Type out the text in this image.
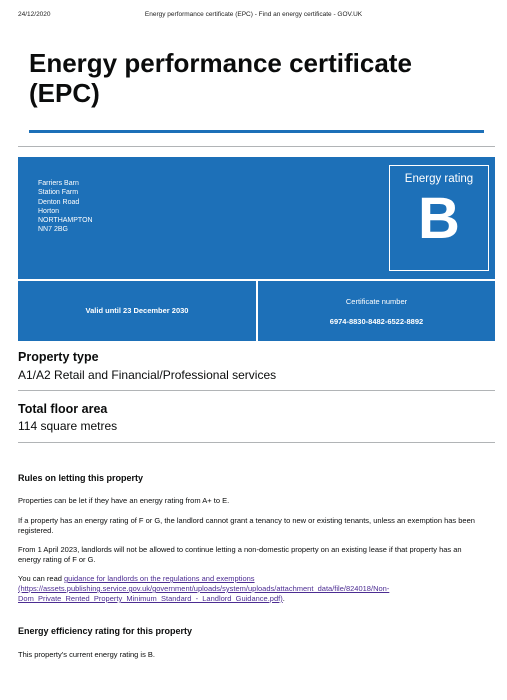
24/12/2020	Energy performance certificate (EPC) - Find an energy certificate - GOV.UK
Energy performance certificate (EPC)
Farriers Barn
Station Farm
Denton Road
Horton
NORTHAMPTON
NN7 2BG
Energy rating
B
Valid until 23 December 2030
Certificate number
6974-8830-8482-6522-8892
Property type

A1/A2 Retail and Financial/Professional services

Total floor area

114 square metres

Rules on letting this property

Properties can be let if they have an energy rating from A+ to E.

If a property has an energy rating of F or G, the landlord cannot grant a tenancy to new or existing tenants, unless an exemption has been registered.

From 1 April 2023, landlords will not be allowed to continue letting a non-domestic property on an existing lease if that property has an energy rating of F or G.

You can read guidance for landlords on the regulations and exemptions (https://assets.publishing.service.gov.uk/government/uploads/system/uploads/attachment_data/file/824018/Non-Dom_Private_Rented_Property_Minimum_Standard_-_Landlord_Guidance.pdf).

Energy efficiency rating for this property

This property’s current energy rating is B.
